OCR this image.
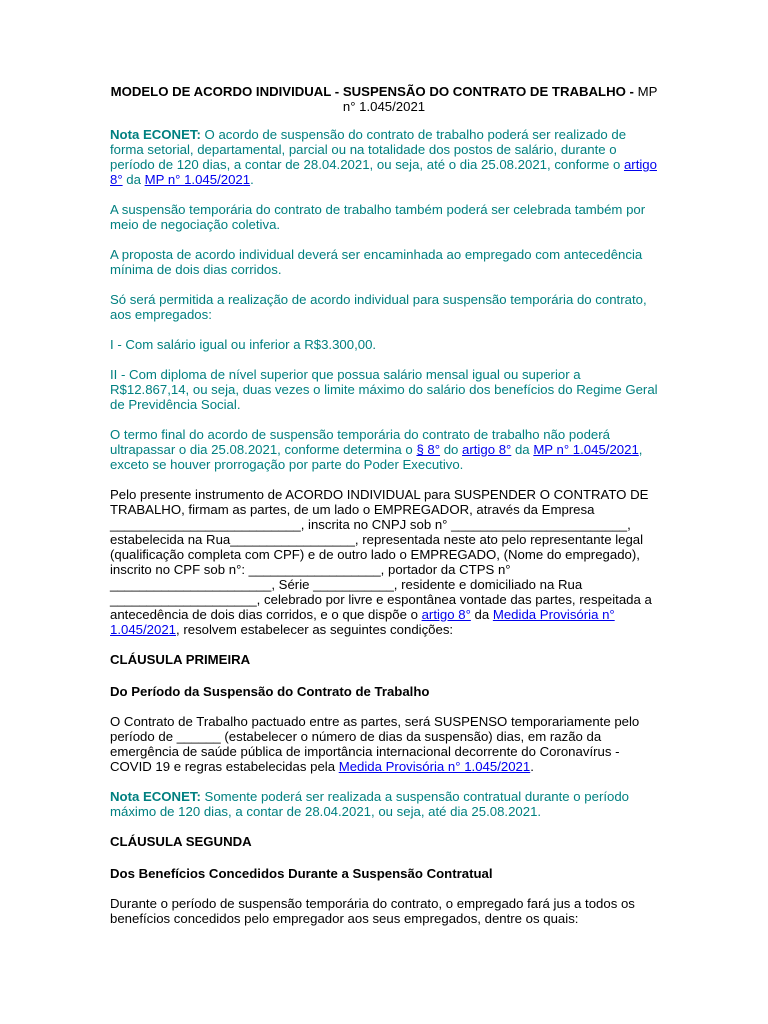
MODELO DE ACORDO INDIVIDUAL - SUSPENSÃO DO CONTRATO DE TRABALHO - MP n° 1.045/2021

Nota ECONET: O acordo de suspensão do contrato de trabalho poderá ser realizado de forma setorial, departamental, parcial ou na totalidade dos postos de salário, durante o período de 120 dias, a contar de 28.04.2021, ou seja, até o dia 25.08.2021, conforme o artigo 8° da MP n° 1.045/2021.

A suspensão temporária do contrato de trabalho também poderá ser celebrada também por meio de negociação coletiva.

A proposta de acordo individual deverá ser encaminhada ao empregado com antecedência mínima de dois dias corridos.

Só será permitida a realização de acordo individual para suspensão temporária do contrato, aos empregados:

I - Com salário igual ou inferior a R$3.300,00.

II - Com diploma de nível superior que possua salário mensal igual ou superior a R$12.867,14, ou seja, duas vezes o limite máximo do salário dos benefícios do Regime Geral de Previdência Social.

O termo final do acordo de suspensão temporária do contrato de trabalho não poderá ultrapassar o dia 25.08.2021, conforme determina o § 8° do artigo 8° da MP n° 1.045/2021, exceto se houver prorrogação por parte do Poder Executivo.

Pelo presente instrumento de ACORDO INDIVIDUAL para SUSPENDER O CONTRATO DE TRABALHO, firmam as partes, de um lado o EMPREGADOR, através da Empresa __________________________, inscrita no CNPJ sob n° ________________________, estabelecida na Rua_________________, representada neste ato pelo representante legal (qualificação completa com CPF) e de outro lado o EMPREGADO, (Nome do empregado), inscrito no CPF sob n°: __________________, portador da CTPS n° ______________________, Série ___________, residente e domiciliado na Rua ____________________, celebrado por livre e espontânea vontade das partes, respeitada a antecedência de dois dias corridos, e o que dispõe o artigo 8° da Medida Provisória n° 1.045/2021, resolvem estabelecer as seguintes condições:

CLÁUSULA PRIMEIRA
Do Período da Suspensão do Contrato de Trabalho

O Contrato de Trabalho pactuado entre as partes, será SUSPENSO temporariamente pelo período de ______ (estabelecer o número de dias da suspensão) dias, em razão da emergência de saúde pública de importância internacional decorrente do Coronavírus - COVID 19 e regras estabelecidas pela Medida Provisória n° 1.045/2021.

Nota ECONET: Somente poderá ser realizada a suspensão contratual durante o período máximo de 120 dias, a contar de 28.04.2021, ou seja, até dia 25.08.2021.

CLÁUSULA SEGUNDA
Dos Benefícios Concedidos Durante a Suspensão Contratual

Durante o período de suspensão temporária do contrato, o empregado fará jus a todos os benefícios concedidos pelo empregador aos seus empregados, dentre os quais:
